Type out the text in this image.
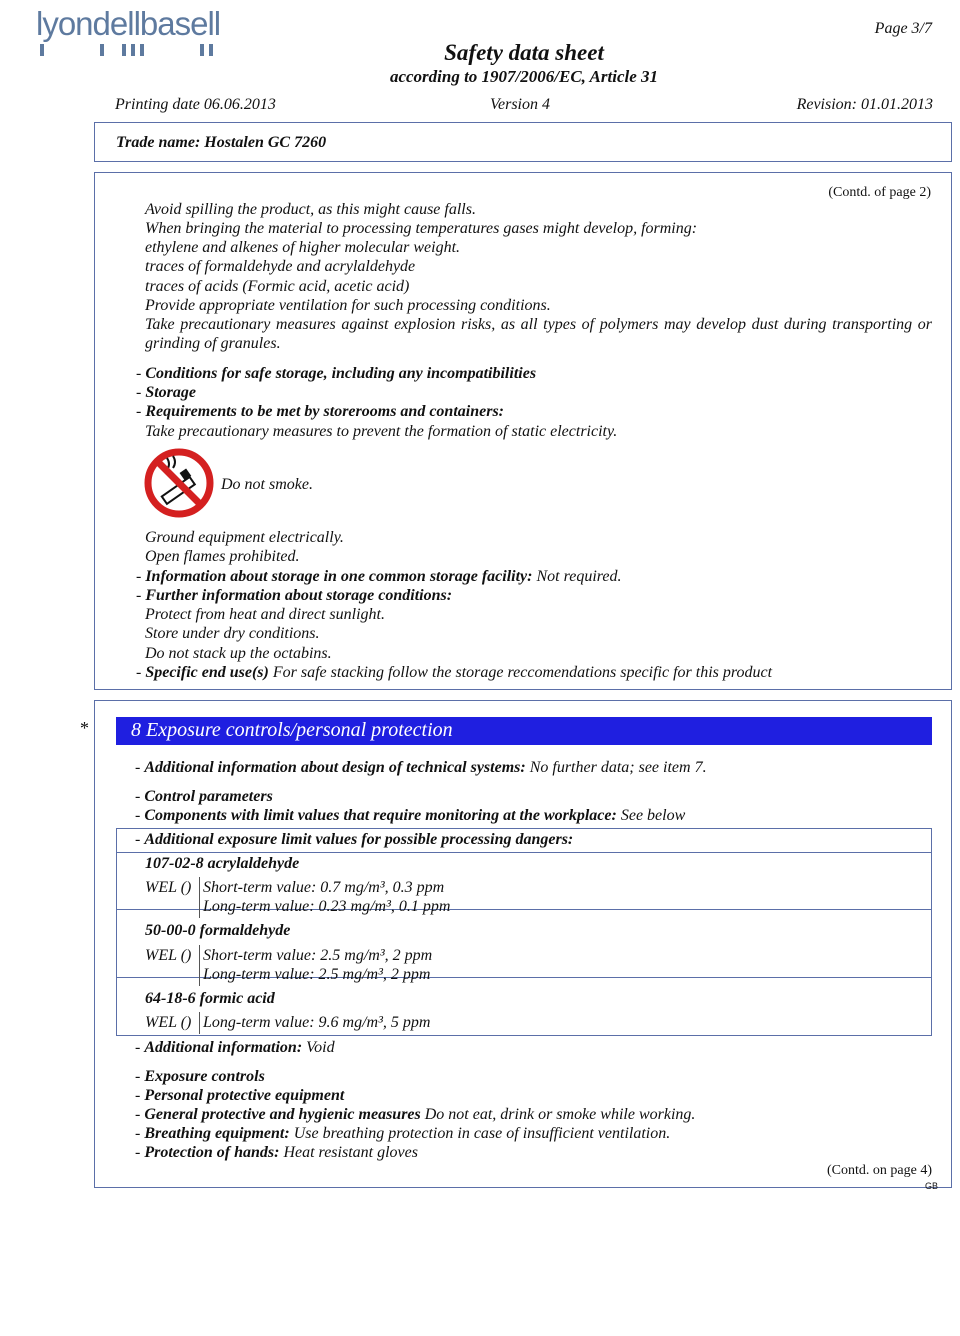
lyondellbasell	Page 3/7
Safety data sheet
according to 1907/2006/EC, Article 31
Printing date 06.06.2013	Version 4	Revision: 01.01.2013
Trade name: Hostalen GC 7260
(Contd. of page 2)
Avoid spilling the product, as this might cause falls.
When bringing the material to processing temperatures gases might develop, forming:
ethylene and alkenes of higher molecular weight.
traces of formaldehyde and acrylaldehyde
traces of acids (Formic acid, acetic acid)
Provide appropriate ventilation for such processing conditions.
Take precautionary measures against explosion risks, as all types of polymers may develop dust during transporting or grinding of granules.
- Conditions for safe storage, including any incompatibilities
- Storage
- Requirements to be met by storerooms and containers:
Take precautionary measures to prevent the formation of static electricity.
Do not smoke.
Ground equipment electrically.
Open flames prohibited.
- Information about storage in one common storage facility: Not required.
- Further information about storage conditions:
Protect from heat and direct sunlight.
Store under dry conditions.
Do not stack up the octabins.
- Specific end use(s) For safe stacking follow the storage reccomendations specific for this product
* 8 Exposure controls/personal protection
- Additional information about design of technical systems: No further data; see item 7.
- Control parameters
- Components with limit values that require monitoring at the workplace: See below
- Additional exposure limit values for possible processing dangers:
107-02-8 acrylaldehyde
WEL () Short-term value: 0.7 mg/m³, 0.3 ppm
Long-term value: 0.23 mg/m³, 0.1 ppm
50-00-0 formaldehyde
WEL () Short-term value: 2.5 mg/m³, 2 ppm
Long-term value: 2.5 mg/m³, 2 ppm
64-18-6 formic acid
WEL () Long-term value: 9.6 mg/m³, 5 ppm
- Additional information: Void
- Exposure controls
- Personal protective equipment
- General protective and hygienic measures Do not eat, drink or smoke while working.
- Breathing equipment: Use breathing protection in case of insufficient ventilation.
- Protection of hands: Heat resistant gloves
(Contd. on page 4)
GB
